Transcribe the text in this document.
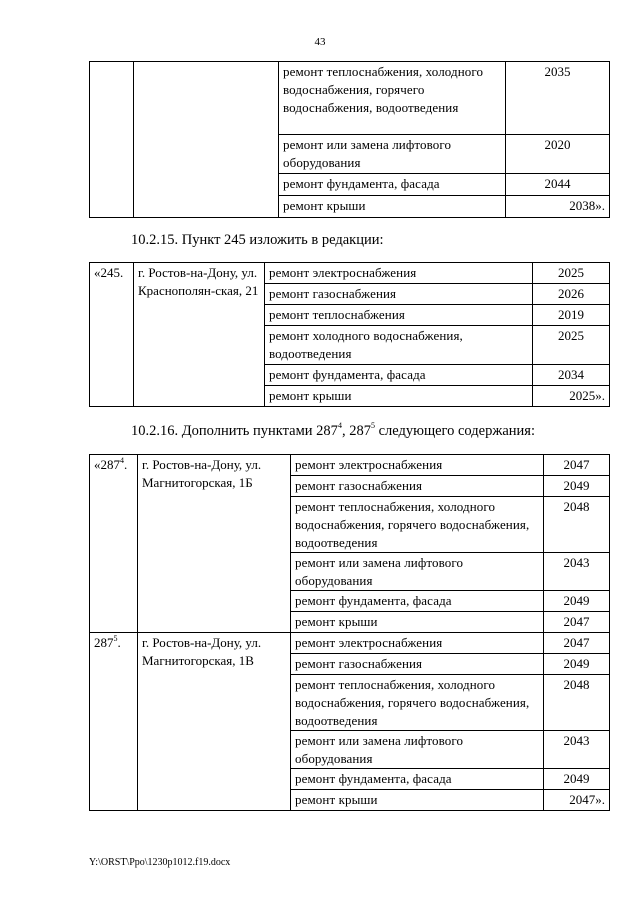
43
		ремонт теплоснабжения, холодного водоснабжения, горячего водоснабжения, водоотведения	2035
		ремонт или замена лифтового оборудования	2020
		ремонт фундамента, фасада	2044
		ремонт крыши	2038».
10.2.15. Пункт 245 изложить в редакции:
«245.	г. Ростов-на-Дону, ул. Краснополян-ская, 21	ремонт электроснабжения	2025
		ремонт газоснабжения	2026
		ремонт теплоснабжения	2019
		ремонт холодного водоснабжения, водоотведения	2025
		ремонт фундамента, фасада	2034
		ремонт крыши	2025».
10.2.16. Дополнить пунктами $287^4$, $287^5$ следующего содержания:
«$287^4$.	г. Ростов-на-Дону, ул. Магнитогорская, 1Б	ремонт электроснабжения	2047
		ремонт газоснабжения	2049
		ремонт теплоснабжения, холодного водоснабжения, горячего водоснабжения, водоотведения	2048
		ремонт или замена лифтового оборудования	2043
		ремонт фундамента, фасада	2049
		ремонт крыши	2047
$287^5$.	г. Ростов-на-Дону, ул. Магнитогорская, 1В	ремонт электроснабжения	2047
		ремонт газоснабжения	2049
		ремонт теплоснабжения, холодного водоснабжения, горячего водоснабжения, водоотведения	2048
		ремонт или замена лифтового оборудования	2043
		ремонт фундамента, фасада	2049
		ремонт крыши	2047».
Y:\ORST\Ppo\1230p1012.f19.docx
